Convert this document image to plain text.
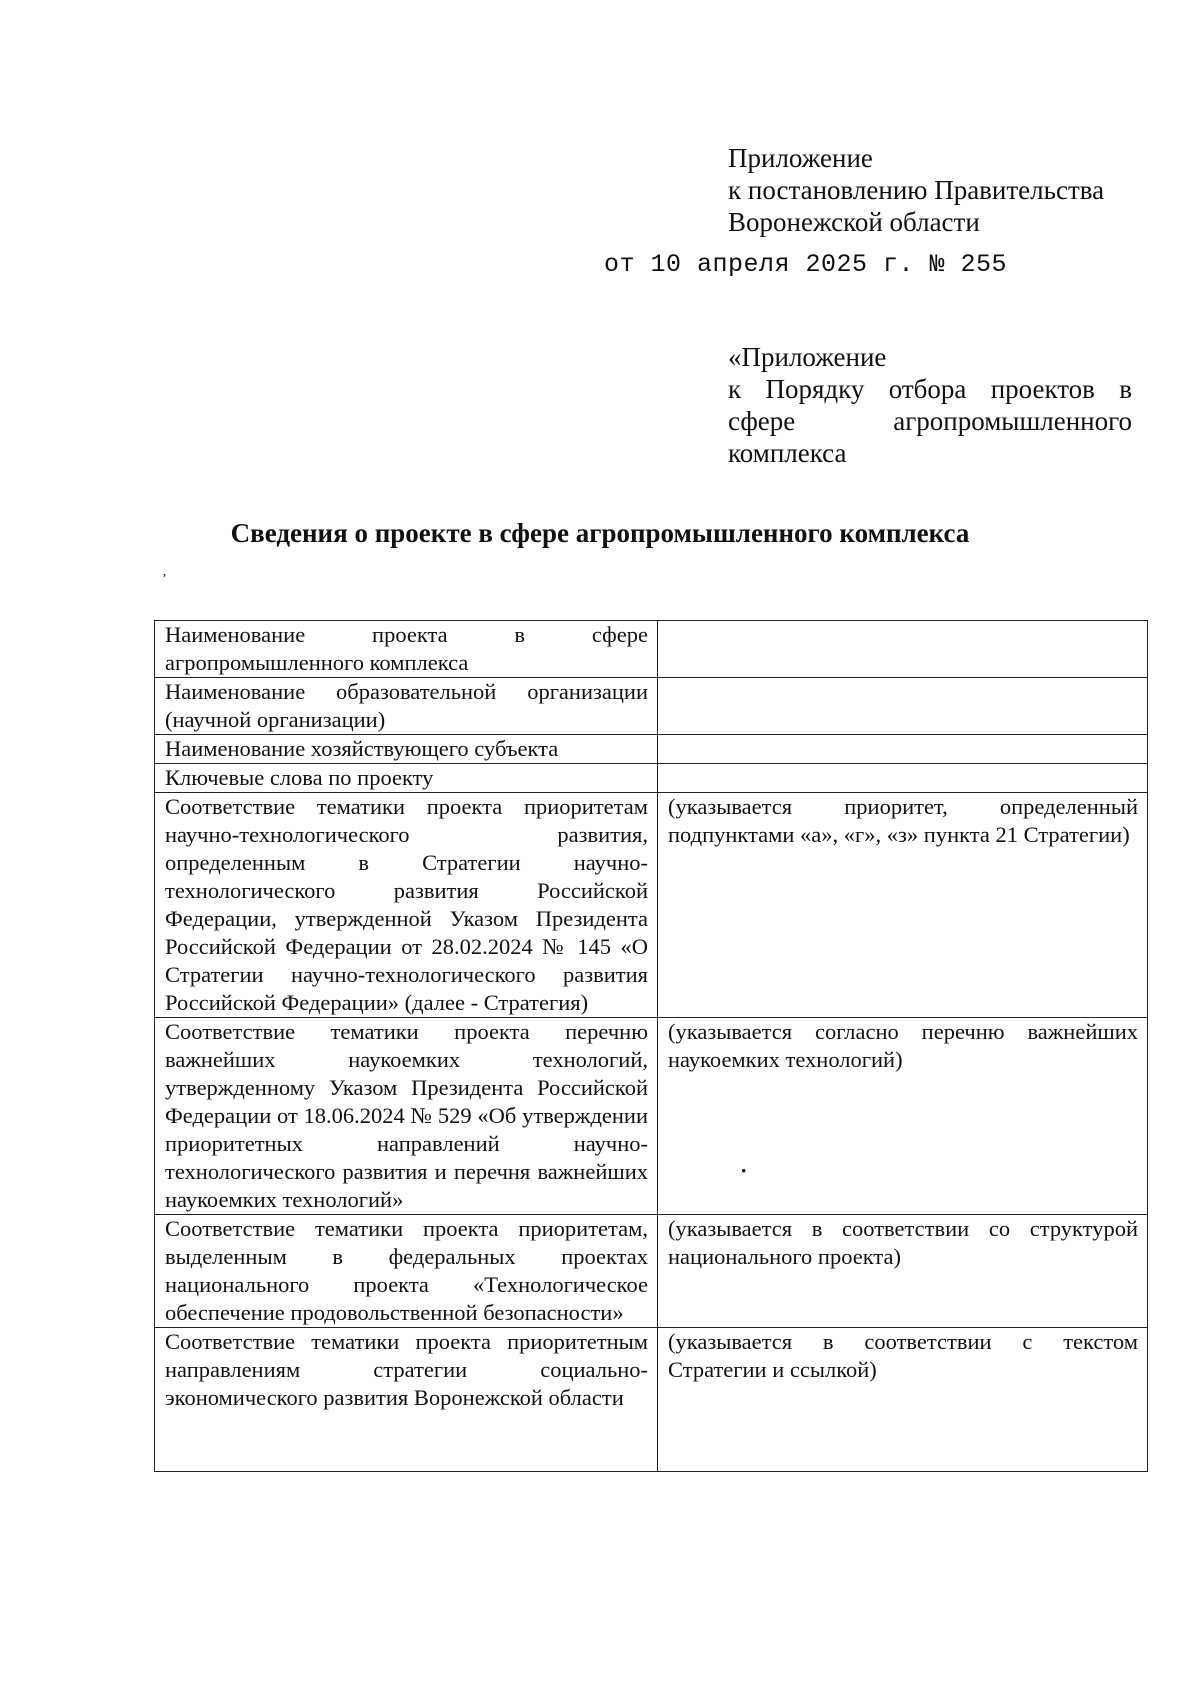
Приложение
к постановлению Правительства
Воронежской области
от 10 апреля 2025 г. № 255
«Приложение
к Порядку отбора проектов в сфере агропромышленного
комплекса
Сведения о проекте в сфере агропромышленного комплекса
ʼ
Наименование проекта в сфере агропромышленного комплекса	
Наименование образовательной организации (научной организации)	
Наименование хозяйствующего субъекта	
Ключевые слова по проекту	
Соответствие тематики проекта приоритетам научно-технологического развития, определенным в Стратегии научно-технологического развития Российской Федерации, утвержденной Указом Президента Российской Федерации от 28.02.2024 № 145 «О Стратегии научно-технологического развития Российской Федерации» (далее - Стратегия)	(указывается приоритет, определенный подпунктами «а», «г», «з» пункта 21 Стратегии)
Соответствие тематики проекта перечню важнейших наукоемких технологий, утвержденному Указом Президента Российской Федерации от 18.06.2024 № 529 «Об утверждении приоритетных направлений научно-технологического развития и перечня важнейших наукоемких технологий»	(указывается согласно перечню важнейших наукоемких технологий)
Соответствие тематики проекта приоритетам, выделенным в федеральных проектах национального проекта «Технологическое обеспечение продовольственной безопасности»	(указывается в соответствии со структурой национального проекта)
Соответствие тематики проекта приоритетным направлениям стратегии социально-экономического развития Воронежской области	(указывается в соответствии с текстом Стратегии и ссылкой)
·
